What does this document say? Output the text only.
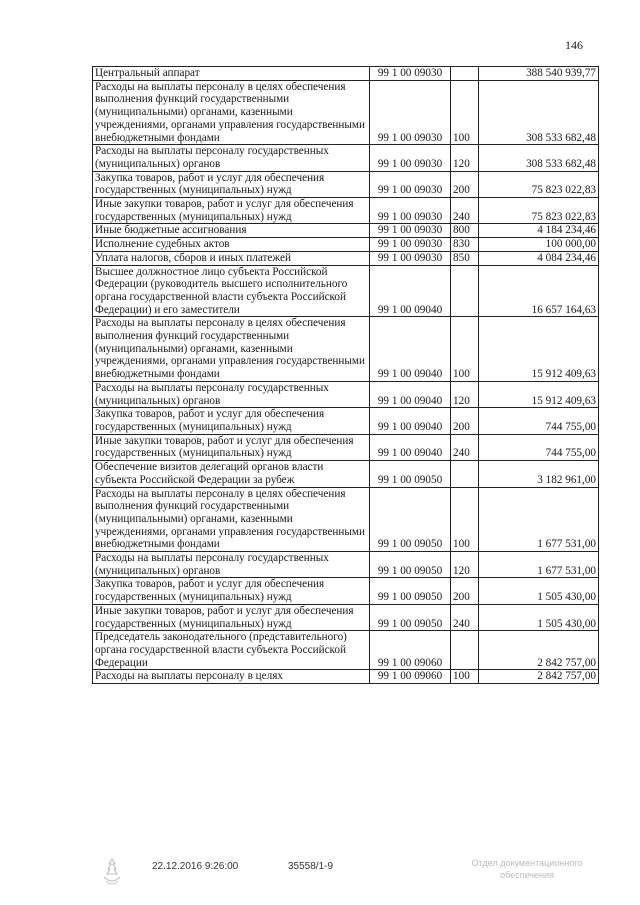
146
Центральный аппарат	99 1 00 09030		388 540 939,77
Расходы на выплаты персоналу в целях обеспечения выполнения функций государственными (муниципальными) органами, казенными учреждениями, органами управления государственными внебюджетными фондами	99 1 00 09030	100	308 533 682,48
Расходы на выплаты персоналу государственных (муниципальных) органов	99 1 00 09030	120	308 533 682,48
Закупка товаров, работ и услуг для обеспечения государственных (муниципальных) нужд	99 1 00 09030	200	75 823 022,83
Иные закупки товаров, работ и услуг для обеспечения государственных (муниципальных) нужд	99 1 00 09030	240	75 823 022,83
Иные бюджетные ассигнования	99 1 00 09030	800	4 184 234,46
Исполнение судебных актов	99 1 00 09030	830	100 000,00
Уплата налогов, сборов и иных платежей	99 1 00 09030	850	4 084 234,46
Высшее должностное лицо субъекта Российской Федерации (руководитель высшего исполнительного органа государственной власти субъекта Российской Федерации) и его заместители	99 1 00 09040		16 657 164,63
Расходы на выплаты персоналу в целях обеспечения выполнения функций государственными (муниципальными) органами, казенными учреждениями, органами управления государственными внебюджетными фондами	99 1 00 09040	100	15 912 409,63
Расходы на выплаты персоналу государственных (муниципальных) органов	99 1 00 09040	120	15 912 409,63
Закупка товаров, работ и услуг для обеспечения государственных (муниципальных) нужд	99 1 00 09040	200	744 755,00
Иные закупки товаров, работ и услуг для обеспечения государственных (муниципальных) нужд	99 1 00 09040	240	744 755,00
Обеспечение визитов делегаций органов власти субъекта Российской Федерации за рубеж	99 1 00 09050		3 182 961,00
Расходы на выплаты персоналу в целях обеспечения выполнения функций государственными (муниципальными) органами, казенными учреждениями, органами управления государственными внебюджетными фондами	99 1 00 09050	100	1 677 531,00
Расходы на выплаты персоналу государственных (муниципальных) органов	99 1 00 09050	120	1 677 531,00
Закупка товаров, работ и услуг для обеспечения государственных (муниципальных) нужд	99 1 00 09050	200	1 505 430,00
Иные закупки товаров, работ и услуг для обеспечения государственных (муниципальных) нужд	99 1 00 09050	240	1 505 430,00
Председатель законодательного (представительного) органа государственной власти субъекта Российской Федерации	99 1 00 09060		2 842 757,00
Расходы на выплаты персоналу в целях	99 1 00 09060	100	2 842 757,00
22.12.2016 9:26:00	35558/1-9	Отдел документационного обеспечения
